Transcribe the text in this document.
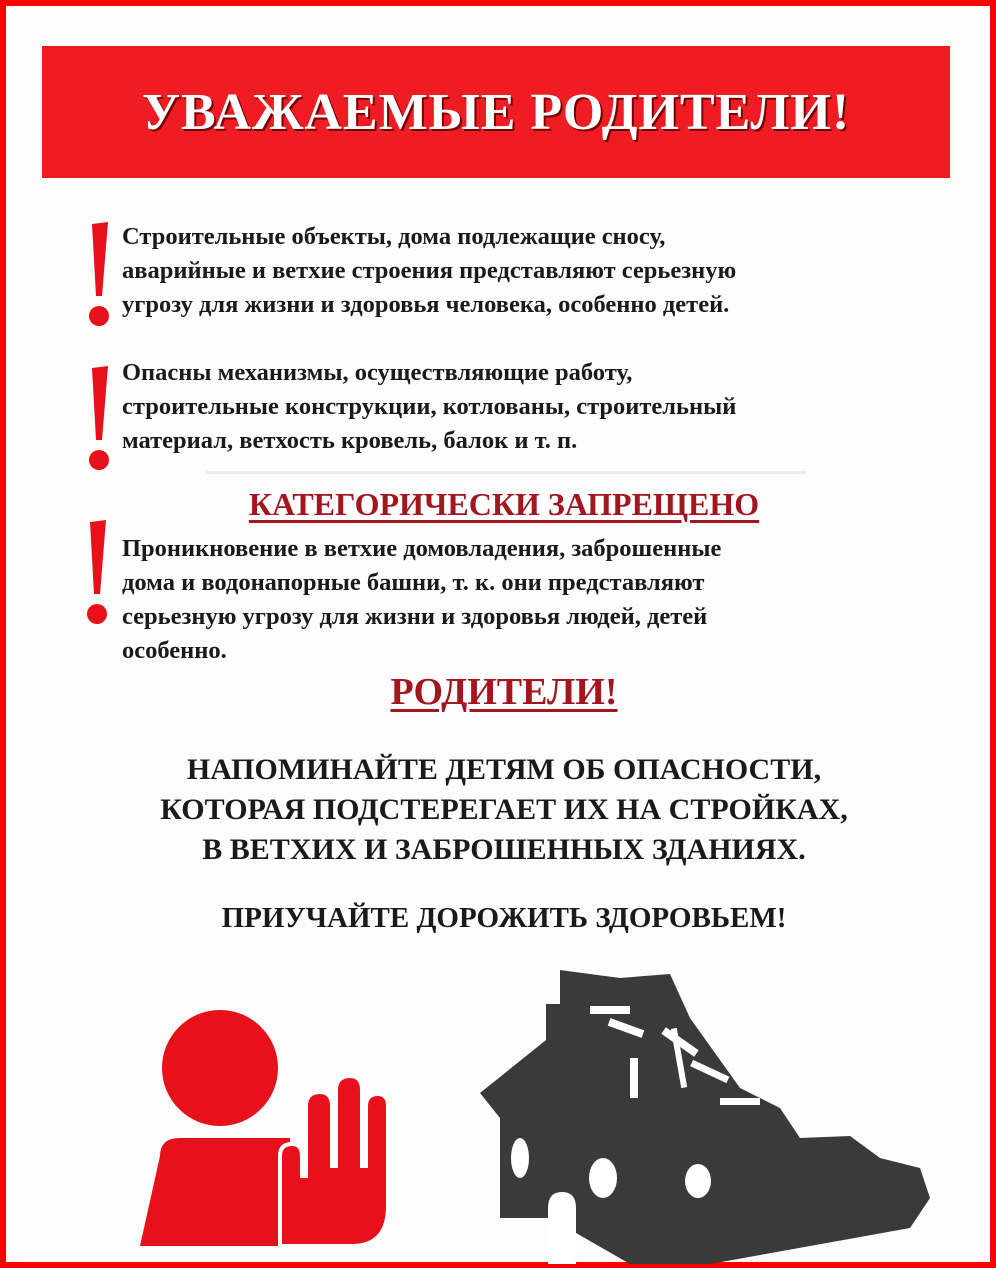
УВАЖАЕМЫЕ РОДИТЕЛИ!

Строительные объекты, дома подлежащие сносу,
аварийные и ветхие строения представляют серьезную
угрозу для жизни и здоровья человека, особенно детей.

Опасны механизмы, осуществляющие работу,
строительные конструкции, котлованы, строительный
материал, ветхость кровель, балок и т. п.

КАТЕГОРИЧЕСКИ ЗАПРЕЩЕНО

Проникновение в ветхие домовладения, заброшенные
дома и водонапорные башни, т. к. они представляют
серьезную угрозу для жизни и здоровья людей, детей
особенно.

РОДИТЕЛИ!

НАПОМИНАЙТЕ ДЕТЯМ ОБ ОПАСНОСТИ,
КОТОРАЯ ПОДСТЕРЕГАЕТ ИХ НА СТРОЙКАХ,
В ВЕТХИХ И ЗАБРОШЕННЫХ ЗДАНИЯХ.

ПРИУЧАЙТЕ ДОРОЖИТЬ ЗДОРОВЬЕМ!
